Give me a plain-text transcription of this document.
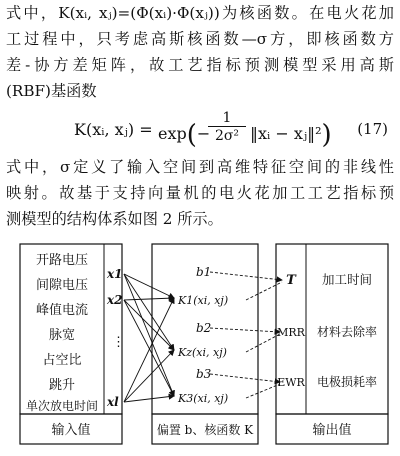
式中，K(xᵢ, xⱼ)=(Φ(xᵢ)·Φ(xⱼ))为核函数。在电火花加
工过程中，只考虑高斯核函数—σ方，即核函数方
差-协方差矩阵，故工艺指标预测模型采用高斯
(RBF)基函数
K(xᵢ, xⱼ) = exp(−
$\frac{1}{\text{2σ²}}$ ‖xᵢ − xⱼ‖²) (17)
式中，σ定义了输入空间到高维特征空间的非线性
映射。故基于支持向量机的电火花加工工艺指标预
测模型的结构体系如图 2 所示。
开路电压
间隙电压
峰值电流
脉宽
占空比
跳升
单次放电时间
输入值
x1
x2
⋮
xl
偏置 b、核函数 K
b1
b2
b3
K1(xi, xj)
Kz(xi, xj)
K3(xi, xj)
输出值
T
MRR
EWR
加工时间
材料去除率
电极损耗率
